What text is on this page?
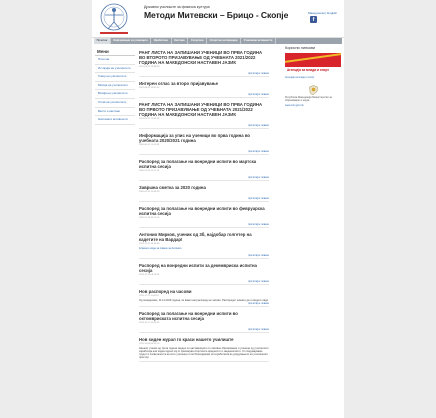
Државно училиште за физичка култура
Методи Митевски – Брицо - Скопје	Македонски | English
f
Почетна	Информации за учениците	Вработени	Настава	Спортови	Спортски натпревари	Училишни активности
Мени
Почетна
Историја на училиштето
Говор на училиштето
Мисија на училиштето
Визија на училиштето
Устав на училиштето
Вести и настани
Настанати активности
РАНГ ЛИСТА НА ЗАПИШАНИ УЧЕНИЦИ ВО ПРВА ГОДИНА ВО ВТОРОТО ПРИЈАВУВАЊЕ ОД УЧЕБНАТА 2021/2022 ГОДИНА НА МАКЕДОНСКИ НАСТАВЕН ЈАЗИК
2021-08-27 09:08:39
прочитајте повеќе
Интерен оглас за второ пријавување
2021-08-27 08:51:34
прочитајте повеќе
РАНГ ЛИСТА НА ЗАПИШАНИ УЧЕНИЦИ ВО ПРВА ГОДИНА ВО ПРВОТО ПРИЈАВУВАЊЕ ОД УЧЕБНАТА 2021/2022 ГОДИНА НА МАКЕДОНСКИ НАСТАВЕН ЈАЗИК
2021-06-17 10:32:19
прочитајте повеќе
Информација за упис на ученици во прва година во учебната 2020/2021 година
2020-06-11 12:41:09
прочитајте повеќе
Распоред за полагање на вонредни испити во мартска испитна сесија
2020-02-25 11:21:10
прочитајте повеќе
Завршна сметка за 2020 година
2020-02-20 13:46:28
прочитајте повеќе
Распоред за полагање на вонредни испити во февруарска испитна сесија
2020-01-29 09:12:16
прочитајте повеќе
Антонио Мирков, ученик од 3б, најдобар голгетер на кадетите на Вардар!
2019-12-17 09:44:05
Кликнете овде за повеќе за Антонио
прочитајте повеќе
Распоред на вонредни испити за декемвриска испитна сесија
2019-11-19 08:26:56
прочитајте повеќе
Нов распоред на часови
2019-11-11 11:00:52
Од понеделник, 11.11.2019 година, ќе важи нов распоред на часови. Распоредот можете да го видите овде.
прочитајте повеќе
Распоред за полагање на вонредни испити во октомвриската испитна сесија
2019-10-17 09:09:26
прочитајте повеќе
Нов ѕиден мурал го краси нашето училиште
2019-10-09 08:53:19
Нашиот ученик од трета година заедно со наставниците по ликовно образование и ученици од училиштето изработија нов ѕиден мурал кој ги прикажува спортските вредности и заедништвото. Го поздравуваме трудот и посветеноста на сите учесници и им благодариме за соработката во уредувањето на училишниот простор.
Корисни линкови
Агенција за млади и спорт
Агенција за млади и спорт
Република Македонија Министерство за образование и наука
www.mon.gov.mk
